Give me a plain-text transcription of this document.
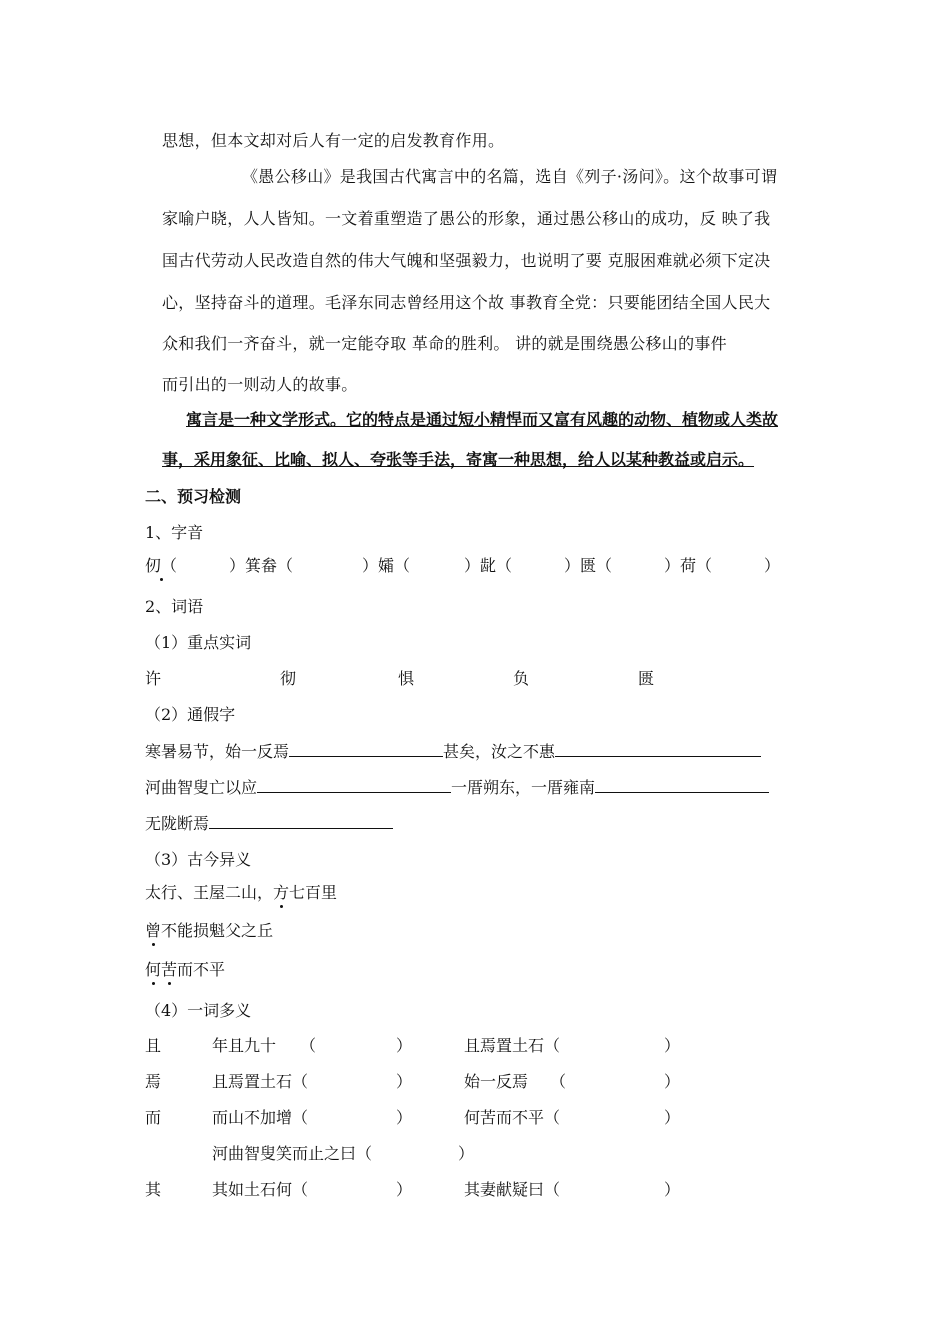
思想，但本文却对后人有一定的启发教育作用。
《愚公移山》是我国古代寓言中的名篇，选自《列子·汤问》。这个故事可谓
家喻户晓，人人皆知。一文着重塑造了愚公的形象，通过愚公移山的成功，反 映了我
国古代劳动人民改造自然的伟大气魄和坚强毅力，也说明了要 克服困难就必须下定决
心，坚持奋斗的道理。毛泽东同志曾经用这个故 事教育全党：只要能团结全国人民大
众和我们一齐奋斗，就一定能夺取 革命的胜利。 讲的就是围绕愚公移山的事件
而引出的一则动人的故事。
寓言是一种文学形式。它的特点是通过短小精悍而又富有风趣的动物、植物或人类故
事，采用象征、比喻、拟人、夸张等手法，寄寓一种思想，给人以某种教益或启示。
二、预习检测
1、字音
仞（	）箕畚（	）孀（	）龀（	）匮（	）荷（	）
2、词语
（1）重点实词
许	彻	惧	负	匮
（2）通假字
寒暑易节，始一反焉	甚矣，汝之不惠
河曲智叟亡以应	一厝朔东，一厝雍南
无陇断焉
（3）古今异义
太行、王屋二山，方七百里
曾不能损魁父之丘
何苦而不平
（4）一词多义
且	年且九十 （	）	且焉置土石（	）
焉	且焉置土石（	）	始一反焉 （	）
而	而山不加增（	）	何苦而不平（	）
河曲智叟笑而止之曰（	）
其	其如土石何（	）	其妻献疑曰（	）
